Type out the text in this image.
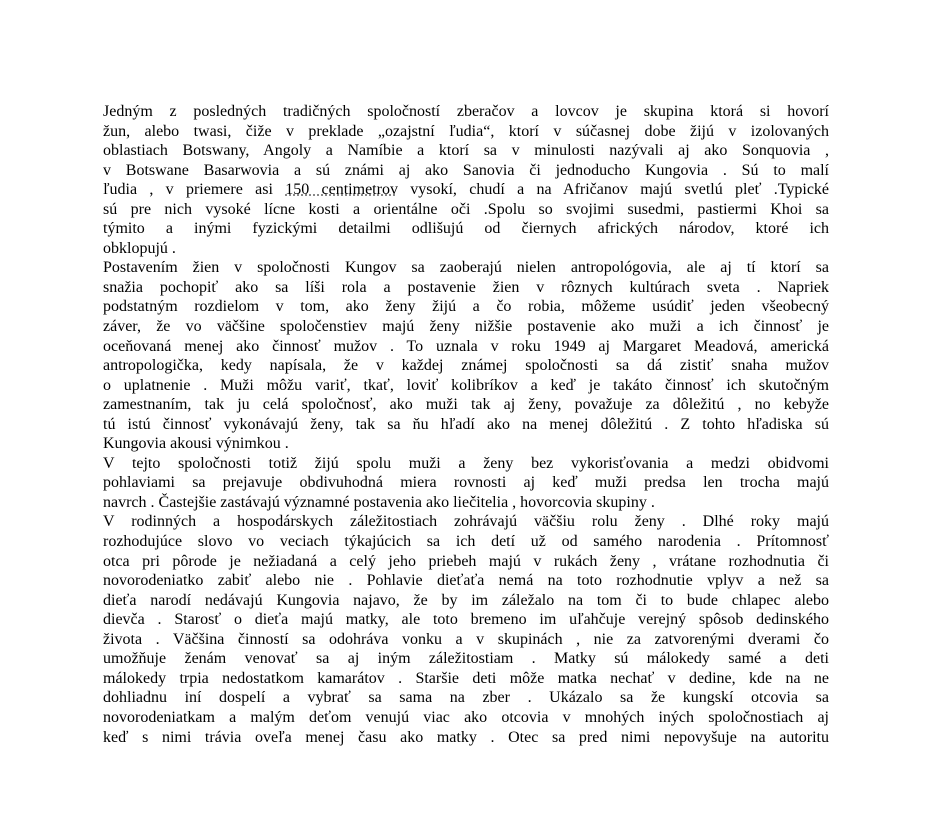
Jedným z posledných tradičných spoločností zberačov a lovcov je skupina ktorá si hovorí
žun, alebo twasi, čiže v preklade „ozajstní ľudia“, ktorí v súčasnej dobe žijú v izolovaných
oblastiach Botswany, Angoly a Namíbie a ktorí sa v minulosti nazývali aj ako Sonquovia ,
v Botswane Basarwovia a sú známi aj ako Sanovia či jednoducho Kungovia . Sú to malí
ľudia , v priemere asi 150 centimetrov vysokí, chudí a na Afričanov majú svetlú pleť .Typické
sú pre nich vysoké lícne kosti a orientálne oči .Spolu so svojimi susedmi, pastiermi Khoi sa
týmito a inými fyzickými detailmi odlišujú od čiernych afrických národov, ktoré ich
obklopujú .
Postavením žien v spoločnosti Kungov sa zaoberajú nielen antropológovia, ale aj tí ktorí sa
snažia pochopiť ako sa líši rola a postavenie žien v rôznych kultúrach sveta . Napriek
podstatným rozdielom v tom, ako ženy žijú a čo robia, môžeme usúdiť jeden všeobecný
záver, že vo väčšine spoločenstiev majú ženy nižšie postavenie ako muži a ich činnosť je
oceňovaná menej ako činnosť mužov . To uznala v roku 1949 aj Margaret Meadová, americká
antropologička, kedy napísala, že v každej známej spoločnosti sa dá zistiť snaha mužov
o uplatnenie . Muži môžu variť, tkať, loviť kolibríkov a keď je takáto činnosť ich skutočným
zamestnaním, tak ju celá spoločnosť, ako muži tak aj ženy, považuje za dôležitú , no kebyže
tú istú činnosť vykonávajú ženy, tak sa ňu hľadí ako na menej dôležitú . Z tohto hľadiska sú
Kungovia akousi výnimkou .
V tejto spoločnosti totiž žijú spolu muži a ženy bez vykorisťovania a medzi obidvomi
pohlaviami sa prejavuje obdivuhodná miera rovnosti aj keď muži predsa len trocha majú
navrch . Častejšie zastávajú významné postavenia ako liečitelia , hovorcovia skupiny .
V rodinných a hospodárskych záležitostiach zohrávajú väčšiu rolu ženy . Dlhé roky majú
rozhodujúce slovo vo veciach týkajúcich sa ich detí už od samého narodenia . Prítomnosť
otca pri pôrode je nežiadaná a celý jeho priebeh majú v rukách ženy , vrátane rozhodnutia či
novorodeniatko zabiť alebo nie . Pohlavie dieťaťa nemá na toto rozhodnutie vplyv a než sa
dieťa narodí nedávajú Kungovia najavo, že by im záležalo na tom či to bude chlapec alebo
dievča . Starosť o dieťa majú matky, ale toto bremeno im uľahčuje verejný spôsob dedinského
života . Väčšina činností sa odohráva vonku a v skupinách , nie za zatvorenými dverami čo
umožňuje ženám venovať sa aj iným záležitostiam . Matky sú málokedy samé a deti
málokedy trpia nedostatkom kamarátov . Staršie deti môže matka nechať v dedine, kde na ne
dohliadnu iní dospelí a vybrať sa sama na zber . Ukázalo sa že kungskí otcovia sa
novorodeniatkam a malým deťom venujú viac ako otcovia v mnohých iných spoločnostiach aj
keď s nimi trávia oveľa menej času ako matky . Otec sa pred nimi nepovyšuje na autoritu
